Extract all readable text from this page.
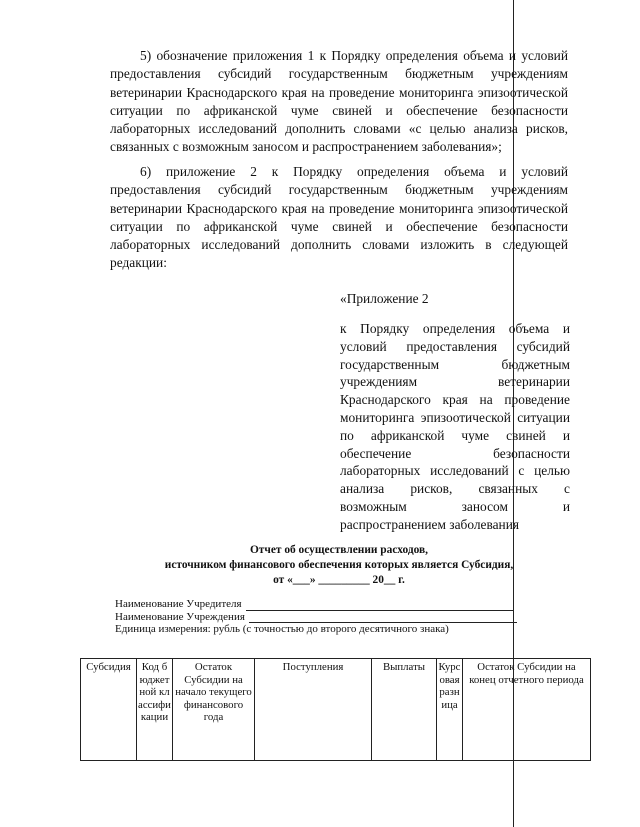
5) обозначение приложения 1 к Порядку определения объема и условий предоставления субсидий государственным бюджетным учреждениям ветеринарии Краснодарского края на проведение мониторинга эпизоотической ситуации по африканской чуме свиней и обеспечение безопасности лабораторных исследований дополнить словами «с целью анализа рисков, связанных с возможным заносом и распространением заболевания»;

6) приложение 2 к Порядку определения объема и условий предоставления субсидий государственным бюджетным учреждениям ветеринарии Краснодарского края на проведение мониторинга эпизоотической ситуации по африканской чуме свиней и обеспечение безопасности лабораторных исследований дополнить словами изложить в следующей редакции:

«Приложение 2

к Порядку определения объема и условий предоставления субсидий государственным бюджетным учреждениям ветеринарии Краснодарского края на проведение мониторинга эпизоотической ситуации по африканской чуме свиней и обеспечение безопасности лабораторных исследований с целью анализа рисков, связанных с возможным заносом и распространением заболевания

Отчет об осуществлении расходов,
источником финансового обеспечения которых является Субсидия,
от «___» _________ 20__ г.
Наименование Учредителя
Наименование Учреждения
Единица измерения: рубль (с точностью до второго десятичного знака)
Субсидия	Код бюджетной классификации	Остаток Субсидии на начало текущего финансового года	Поступления	Выплаты	Курсовая разница	Остаток Субсидии на конец отчетного периода
